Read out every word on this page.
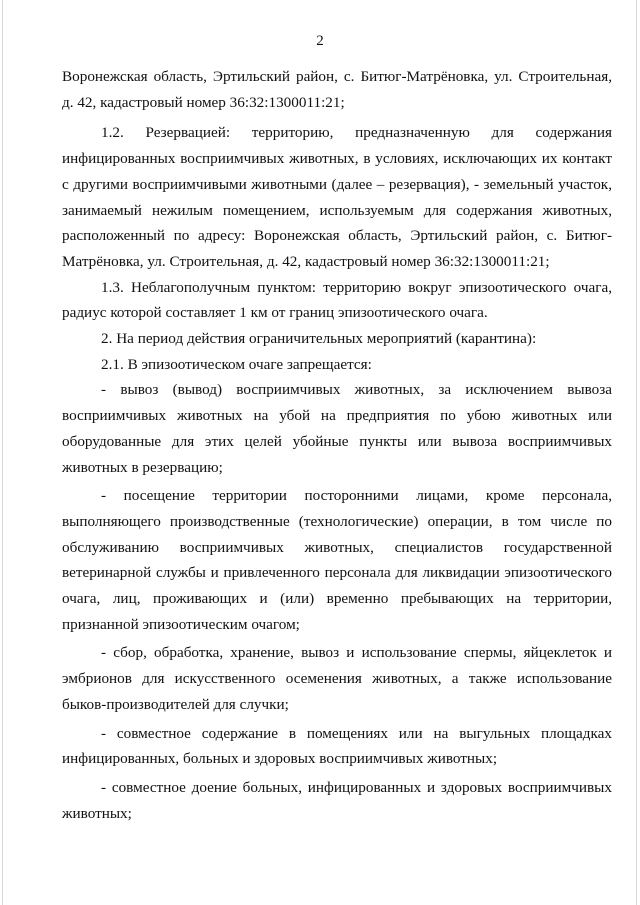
2

Воронежская область, Эртильский район, с. Битюг-Матрёновка, ул. Строительная, д. 42, кадастровый номер 36:32:1300011:21;

1.2. Резервацией: территорию, предназначенную для содержания инфицированных восприимчивых животных, в условиях, исключающих их контакт с другими восприимчивыми животными (далее – резервация), - земельный участок, занимаемый нежилым помещением, используемым для содержания животных, расположенный по адресу: Воронежская область, Эртильский район, с. Битюг-Матрёновка, ул. Строительная, д. 42, кадастровый номер 36:32:1300011:21;

1.3. Неблагополучным пунктом: территорию вокруг эпизоотического очага, радиус которой составляет 1 км от границ эпизоотического очага.

2. На период действия ограничительных мероприятий (карантина):

2.1. В эпизоотическом очаге запрещается:

- вывоз (вывод) восприимчивых животных, за исключением вывоза восприимчивых животных на убой на предприятия по убою животных или оборудованные для этих целей убойные пункты или вывоза восприимчивых животных в резервацию;

- посещение территории посторонними лицами, кроме персонала, выполняющего производственные (технологические) операции, в том числе по обслуживанию восприимчивых животных, специалистов государственной ветеринарной службы и привлеченного персонала для ликвидации эпизоотического очага, лиц, проживающих и (или) временно пребывающих на территории, признанной эпизоотическим очагом;

- сбор, обработка, хранение, вывоз и использование спермы, яйцеклеток и эмбрионов для искусственного осеменения животных, а также использование быков-производителей для случки;

- совместное содержание в помещениях или на выгульных площадках инфицированных, больных и здоровых восприимчивых животных;

- совместное доение больных, инфицированных и здоровых восприимчивых животных;
